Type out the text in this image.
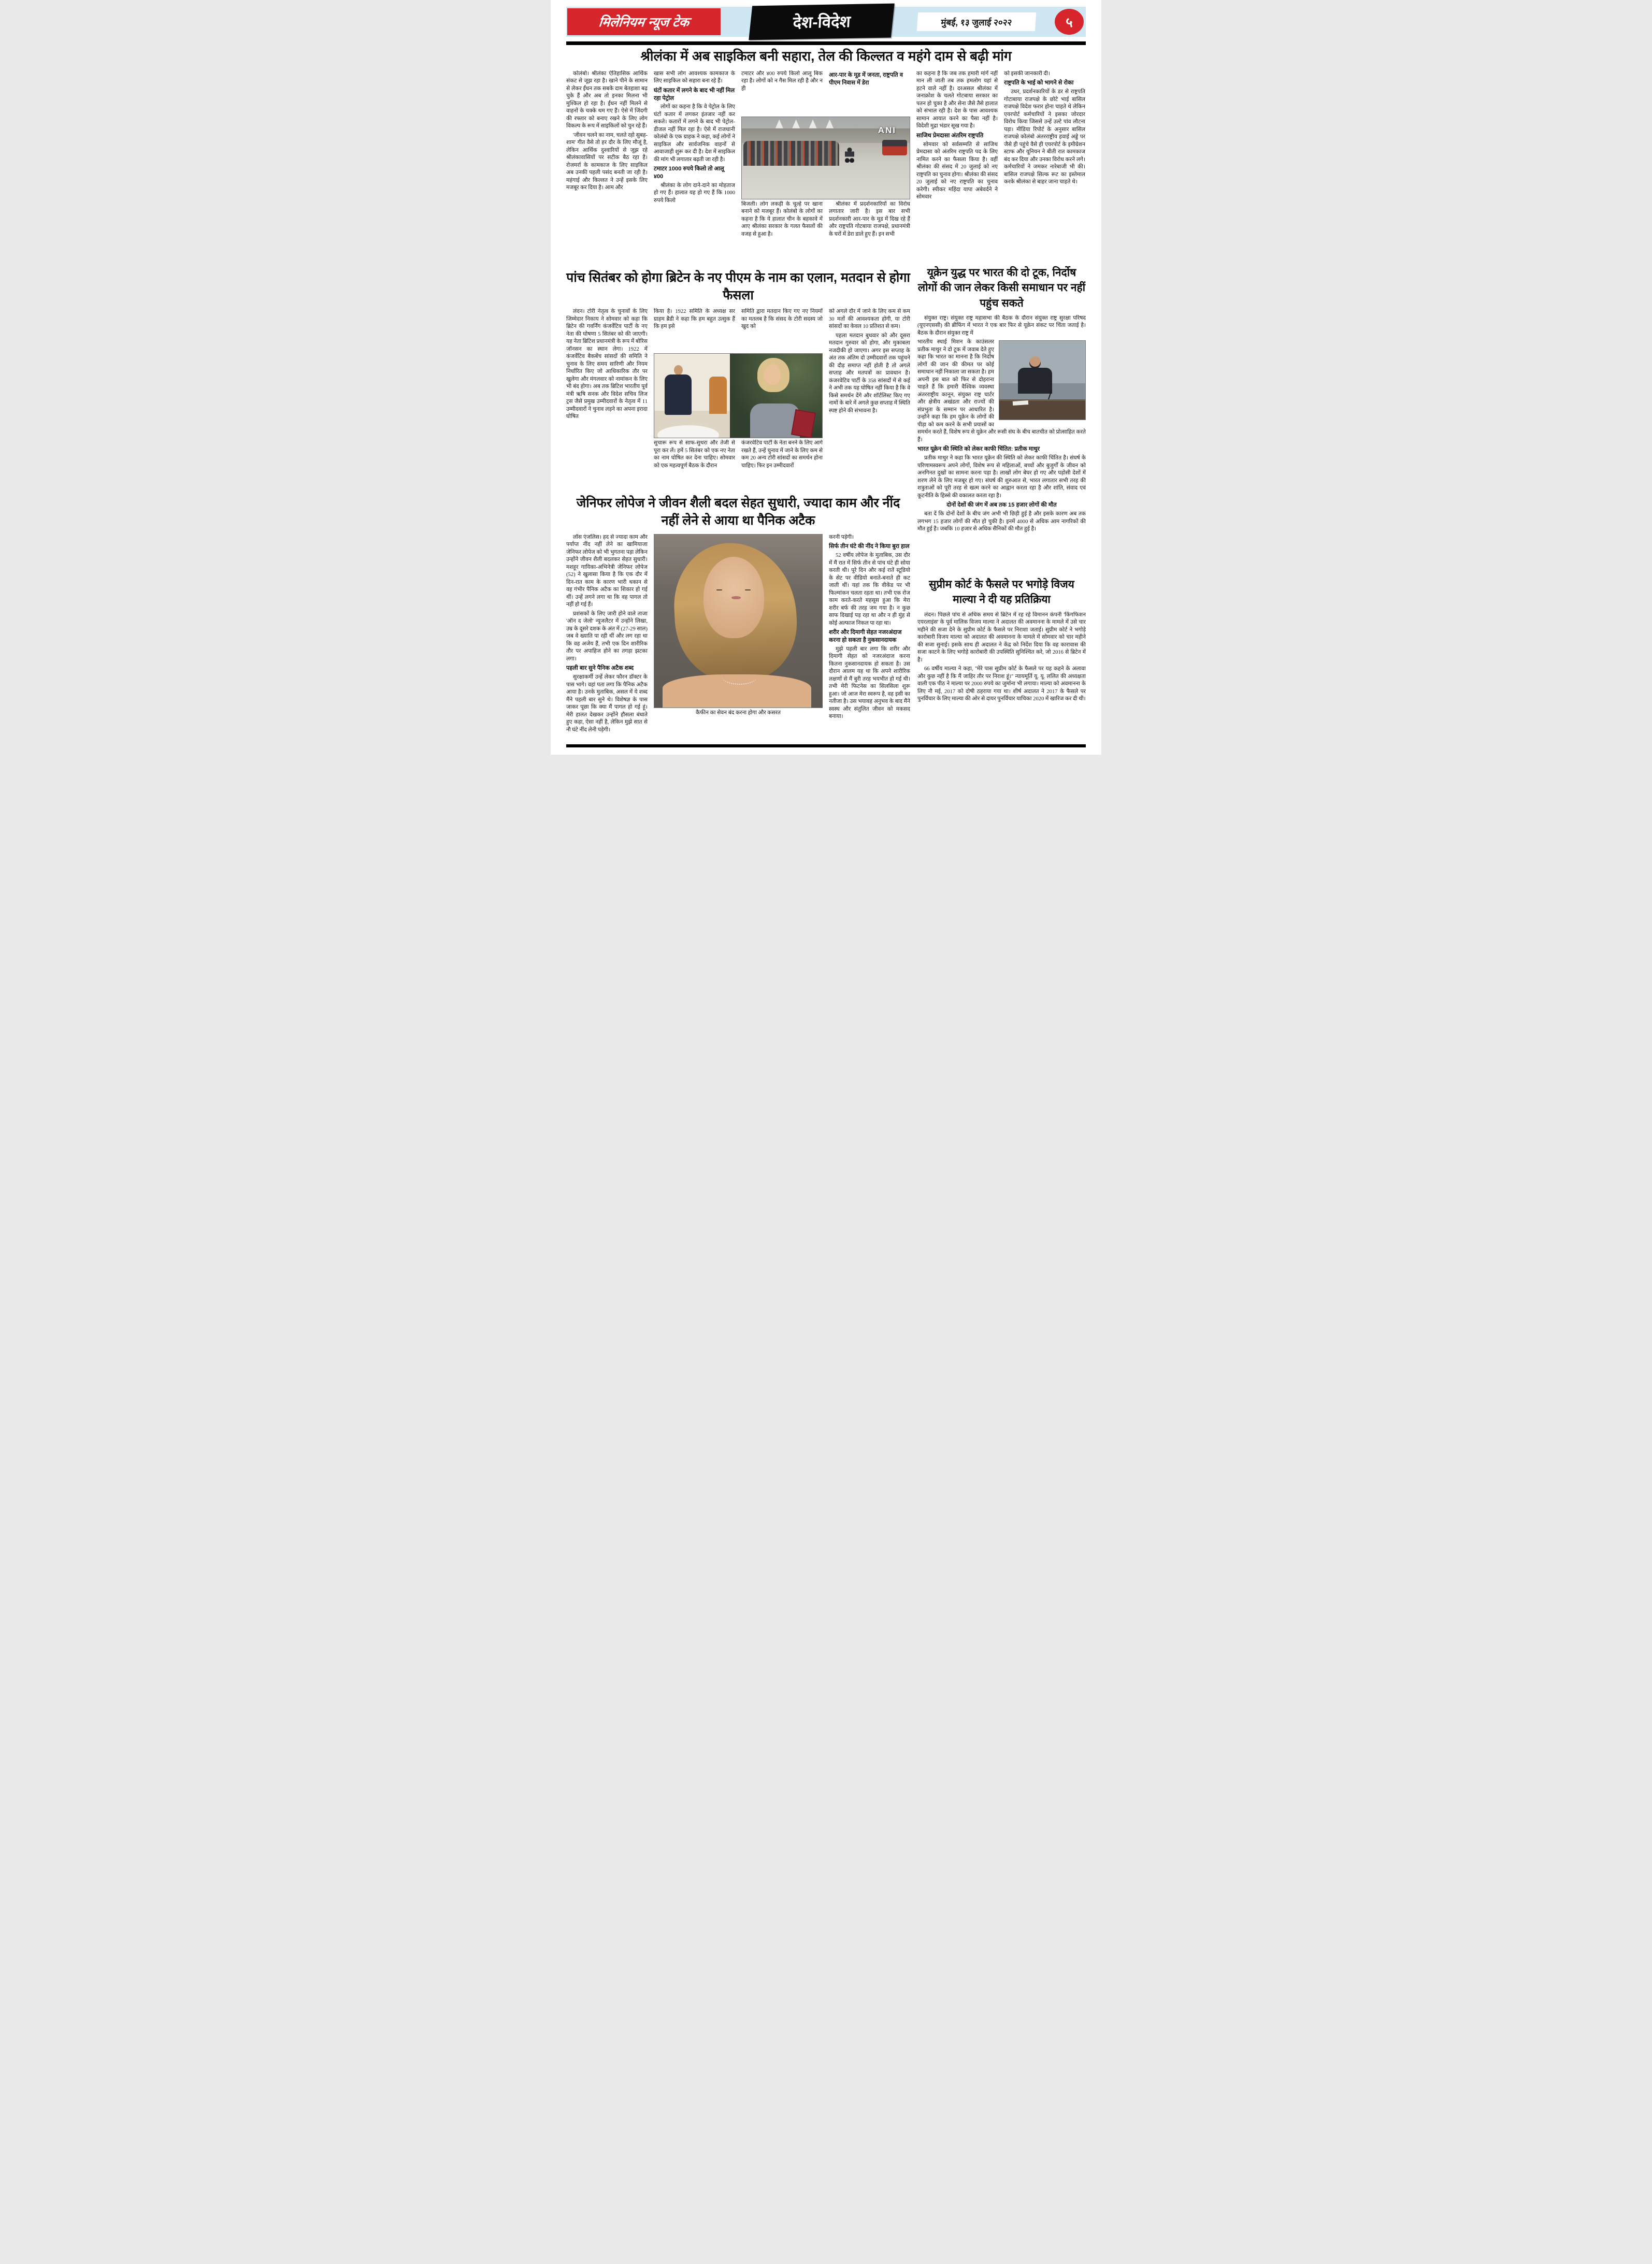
मिलेनियम न्यूज टेक	देश-विदेश	मुंबई, १३ जुलाई २०२२	५
श्रीलंका में अब साइकिल बनी सहारा, तेल की किल्लत व महंगे दाम से बढ़ी मांग

कोलंबो। श्रीलंका ऐतिहासिक आर्थिक संकट से जूझ रहा है। खाने पीने के सामान से लेकर ईंधन तक सबके दाम बेतहाशा बढ़ चुके हैं और अब तो इनका मिलना भी मुश्किल हो रहा है। ईंधन नहीं मिलने से वाहनों के चक्के थम गए हैं। ऐसे में जिंदगी की रफ्तार को बनाए रखने के लिए लोग विकल्प के रूप में साइकिलों को चुन रहे हैं।

'जीवन चलने का नाम, चलते रहो सुबह-शाम' गीत वैसे तो हर दौर के लिए मौजूं है, लेकिन आर्थिक दुश्वारियों से जूझ रहे श्रीलंकावासियों पर सटीक बैठ रहा है। रोजमर्रा के कामकाज के लिए साइकिल अब उनकी पहली पसंद बनती जा रही है। महंगाई और किल्लत ने उन्हें इसके लिए मजबूर कर दिया है। आम और

खास सभी लोग आवश्यक कामकाज के लिए साइकिल को सहारा बना रहे हैं।

घंटों कतार में लगने के बाद भी नहीं मिल रहा पेट्रोल

लोगों का कहना है कि वे पेट्रोल के लिए घंटों कतार में लगकर इंतजार नहीं कर सकते। कतारों में लगने के बाद भी पेट्रोल-डीजल नहीं मिल रहा है। ऐसे में राजधानी कोलंबो के एक ग्राहक ने कहा, कई लोगों ने साइकिल और सार्वजनिक वाहनों से आवाजाही शुरू कर दी है। देश में साइकिल की मांग भी लगातार बढ़ती जा रही है।

टमाटर 1000 रुपये किलो तो आलू ४00

श्रीलंका के लोग दाने-दाने का मोहताज हो गए हैं। हालात यह हो गए हैं कि 1000 रुपये किलो

टमाटर और ४00 रुपये किलो आलू बिक रहा है। लोगों को न गैस मिल रही है और न ही

आर-पार के मूड में जनता, राष्ट्रपति व पीएम निवास में डेरा
ANI

बिजली। लोग लकड़ी के चूल्हे पर खाना बनाने को मजबूर हैं। कोलंबो के लोगों का कहना है कि ये हालात चीन के बहकावे में आए श्रीलंका सरकार के गलत फैसलों की वजह से हुआ है।

श्रीलंका में प्रदर्शनकारियों का विरोध लगातार जारी है। इस बार सभी प्रदर्शनकारी आर-पार के मूड में दिख रहे हैं और राष्ट्रपति गोटबाया राजपक्षे, प्रधानमंत्री के घरों में डेरा डाले हुए हैं। इन सभी

का कहना है कि जब तक हमारी मांगें नहीं मान ली जाती तब तक हमलोग यहां से हटने वाले नहीं है। दरअसल श्रीलंका में जनाक्रोश के चलते गोटबाया सरकार का पतन हो चुका है और सेना जैसे तैसे हालात को संभाल रही है। देश के पास आवश्यक सामान आयात करने का पैसा नहीं है। विदेशी मुद्रा भंडार सूख गया है।

साजिथ प्रेमदासा अंतरिम राष्ट्रपति

सोमवार को सर्वसम्मति से साजिथ प्रेमदासा को अंतरिम राष्ट्रपति पद के लिए नामित करने का फैसला किया है। वहीं श्रीलंका की संसद में 20 जुलाई को नए राष्ट्रपति का चुनाव होगा। श्रीलंका की संसद 20 जुलाई को नए राष्ट्रपति का चुनाव करेगी। स्पीकर महिंदा यापा अबेवर्दने ने सोमवार

को इसकी जानकारी दी।

राष्ट्रपति के भाई को भागने से रोका

उधर, प्रदर्शनकारियों के डर से राष्ट्रपति गोटाबाया राजपक्षे के छोटे भाई बासिल राजपक्षे विदेश फरार होना चाहते थे लेकिन एयरपोर्ट कर्मचारियों ने इसका जोरदार विरोध किया जिससे उन्हें उल्टे पांव लौटना पड़ा। मीडिया रिपोर्ट के अनुसार बासिल राजपक्षे कोलंबो अंतरराष्ट्रीय हवाई अड्डे पर जैसे ही पहुंचे वैसे ही एयरपोर्ट के इमीग्रेशन स्टाफ और यूनियन ने बीती रात कामकाज बंद कर दिया और उनका विरोध करने लगे। कर्मचारियों ने जमकर नारेबाजी भी की। बासिल राजपक्षे सिल्क रूट का इस्तेमाल करके श्रीलंका से बाहर जाना चाहते थे।

पांच सितंबर को होगा ब्रिटेन के नए पीएम के नाम का एलान, मतदान से होगा फैसला

लंदन। टोरी नेतृत्व के चुनावों के लिए जिम्मेदार निकाय ने सोमवार को कहा कि ब्रिटेन की गवर्निंग कंजर्वेटिव पार्टी के नए नेता की घोषणा 5 सितंबर को की जाएगी। यह नेता ब्रिटिश प्रधानमंत्री के रूप में बोरिस जॉनसन का स्थान लेगा। 1922 में कंजर्वेटिव बैकबेंच सांसदों की समिति ने चुनाव के लिए समय सारिणी और नियम निर्धारित किए जो आधिकारिक तौर पर खुलेगा और मंगलवार को नामांकन के लिए भी बंद होगा। अब तक ब्रिटिश भारतीय पूर्व मंत्री ऋषि सनक और विदेश सचिव लिज ट्रस जैसे प्रमुख उम्मीदवारों के नेतृत्व में 11 उम्मीदवारों ने चुनाव लड़ने का अपना इरादा घोषित

किया है। 1922 समिति के अध्यक्ष सर ग्राहम ब्रैडी ने कहा कि हम बहुत उत्सुक हैं कि हम इसे

समिति द्वारा मतदान किए गए नए नियमों का मतलब है कि संसद के टोरी सदस्य जो खुद को

सुचारू रूप से साफ-सुथरा और तेजी से पूरा कर लें। हमें 5 सितंबर को एक नए नेता का नाम घोषित कर देना चाहिए। सोमवार को एक महत्वपूर्ण बैठक के दौरान

कंजरवेटिव पार्टी के नेता बनने के लिए आगे रखते हैं, उन्हें चुनाव में जाने के लिए कम से कम 20 अन्य टोरी सांसदों का समर्थन होना चाहिए। फिर इन उम्मीदवारों

को अगले दौर में जाने के लिए कम से कम 30 मतों की आवश्यकता होगी, या टोरी सांसदों का केवल 10 प्रतिशत से कम।

पहला मतदान बुधवार को और दूसरा मतदान गुरुवार को होगा, और मुकाबला नजदीकी हो जाएगा। अगर इस सप्ताह के अंत तक अंतिम दो उम्मीदवारों तक पहुंचने की दौड़ समाप्त नहीं होती है तो अगले सप्ताह और मतपत्रों का प्रावधान है। कंजरवेटिव पार्टी के 358 सांसदों में से कई ने अभी तक यह घोषित नहीं किया है कि वे किसे समर्थन देंगे और शॉर्टलिस्ट किए गए नामों के बारे में अगले कुछ सप्ताह में स्थिति स्पष्ट होने की संभावना है।

जेनिफर लोपेज ने जीवन शैली बदल सेहत सुधारी, ज्यादा काम और नींद नहीं लेने से आया था पैनिक अटैक

लॉस एंजलिस। हद से ज्यादा काम और पर्याप्त नींद नहीं लेने का खामियाजा जेनिफर लोपेज को भी भुगतना पड़ा लेकिन उन्होंने जीवन शैली बदलकर सेहत सुधारी। मशहूर गायिका-अभिनेत्री जेनिफर लोपेज (52) ने खुलासा किया है कि एक दौर में दिन-रात काम के कारण भारी थकान से वह गंभीर पैनिक अटैक का शिकार हो गई थीं। उन्हें लगने लगा था कि वह पागल तो नहीं हो गई हैं।

प्रशंसकों के लिए जारी होने वाले ताजा 'ऑन द जेलो' न्यूजलैटर में उन्होंने लिखा, उम्र के दूसरे दशक के अंत में (27-29 साल) जब वे ख्याति पा रही थीं और लग रहा था कि वह अजेय हैं, तभी एक दिन शारीरिक तौर पर अपाहिज होने का तगड़ा झटका लगा।

पहली बार सुने पैनिक अटैक शब्द

सुरक्षाकर्मी उन्हें लेकर फौरन डॉक्टर के पास भागे। वहां पता लगा कि पैनिक अटैक आया है। उनके मुताबिक, असल में ये शब्द मैंने पहली बार सुने थे। विशेषज्ञ के पास जाकर पूछा कि क्या मैं पागल हो गई हूं। मेरी हालत देखकर उन्होंने हौसला बंधाते हुए कहा, ऐसा नहीं है, लेकिन मुझे सात से नौ घंटे नींद लेनी पड़ेगी।

कैफीन का सेवन बंद करना होगा और कसरत

करनी पड़ेगी।

सिर्फ तीन घंटे की नींद ने किया बुरा हाल

52 वर्षीय लोपेज के मुताबिक, उस दौर में मैं रात में सिर्फ तीन से पांच घंटे ही सोया करती थी। पूरे दिन और कई रातें स्टूडियो के सेट पर वीडियो बनाते-बनाते ही कट जाती थीं। यहां तक कि वीकेंड पर भी फिल्मांकन चलता रहता था। तभी एक रोज काम करते-करते महसूस हुआ कि मेरा शरीर बर्फ की तरह जम गया है। न कुछ साफ दिखाई पड़ रहा था और न ही मुंह से कोई अल्फाज निकल पा रहा था।

शरीर और दिमागी सेहत नजरअंदाज करना हो सकता है नुकसानदायक

मुझे पहली बार लगा कि शरीर और दिमागी सेहत को नजरअंदाज करना कितना नुकसानदायक हो सकता है। उस दौरान आलम यह था कि अपने शारीरिक लक्षणों से मैं बुरी तरह भयभीत हो गई थी। तभी मेरी फिटनेस का सिलसिला शुरू हुआ। जो आज मेरा स्वरूप है, वह इसी का नतीजा है। उस भयावह अनुभव के बाद मैंने स्वस्थ और संतुलित जीवन को मकसद बनाया।

यूक्रेन युद्ध पर भारत की दो टूक, निर्दोष लोगों की जान लेकर किसी समाधान पर नहीं पहुंच सकते

संयुक्त राष्ट्र। संयुक्त राष्ट्र महासभा की बैठक के दौरान संयुक्त राष्ट्र सुरक्षा परिषद (यूएनएससी) की ब्रीफिंग में भारत ने एक बार फिर से यूक्रेन संकट पर चिंता जताई है। बैठक के दौरान संयुक्त राष्ट्र में

भारतीय स्थाई मिशन के काउंसलर प्रतीक माथुर ने दो टूक में जवाब देते हुए कहा कि भारत का मानना है कि निर्दोष लोगों की जान की कीमत पर कोई समाधान नहीं निकाला जा सकता है। हम अपनी इस बात को फिर से दोहराना चाहते हैं कि हमारी वैश्विक व्यवस्था अंतरराष्ट्रीय कानून, संयुक्त राष्ट्र चार्टर और क्षेत्रीय अखंडता और राज्यों की संप्रभुता के सम्मान पर आधारित है। उन्होंने कहा कि हम यूक्रेन के लोगों की पीड़ा को कम करने के सभी प्रयासों का समर्थन करते हैं, विशेष रूप से यूक्रेन और रूसी संघ के बीच बातचीत को प्रोत्साहित करते हैं।

भारत यूक्रेन की स्थिति को लेकर काफी चिंतित: प्रतीक माथुर

प्रतीक माथुर ने कहा कि भारत यूक्रेन की स्थिति को लेकर काफी चिंतित है। संघर्ष के परिणामस्वरूप अपने लोगों, विशेष रूप से महिलाओं, बच्चों और बुजुर्गों के जीवन को अनगिनत दुखों का सामना करना पड़ा है। लाखों लोग बेघर हो गए और पड़ोसी देशों में शरण लेने के लिए मजबूर हो गए। संघर्ष की शुरुआत से, भारत लगातार सभी तरह की शत्रुताओं को पूरी तरह से खत्म करने का आह्वान करता रहा है और शांति, संवाद एवं कूटनीति के हिस्से की वकालत करता रहा है।

दोनों देशों की जंग में अब तक 15 हजार लोगों की मौत

बता दें कि दोनों देशों के बीच जंग अभी भी छिड़ी हुई है और इसके कारण अब तक लगभग 15 हजार लोगों की मौत हो चुकी है। इनमें 4000 से अधिक आम नागरिकों की मौत हुई है। जबकि 10 हजार से अधिक सैनिकों की मौत हुई है।

सुप्रीम कोर्ट के फैसले पर भगोड़े विजय माल्या ने दी यह प्रतिक्रिया

लंदन। पिछले पांच से अधिक समय से ब्रिटेन में रह रहे विमानन कंपनी 'किंगफिशन एयरलाइंस' के पूर्व मालिक विजय माल्या ने अदालत की अवमानना के मामले में उसे चार महीने की सजा देने के सुप्रीम कोर्ट के फैसले पर निराशा जताई। सुप्रीम कोर्ट ने भगोड़े कारोबारी विजय माल्या को अदालत की अवमानना के मामले में सोमवार को चार महीने की सजा सुनाई। इसके साथ ही अदालत ने केंद्र को निर्देश दिया कि वह कारावास की सजा काटने के लिए भगोड़े कारोबारी की उपस्थिति सुनिश्चित करे, जो 2016 से ब्रिटेन में है।

66 वर्षीय माल्या ने कहा, ''मेरे पास सुप्रीम कोर्ट के फैसले पर यह कहने के अलावा और कुछ नहीं है कि मैं जाहिर तौर पर निराश हूं।'' न्यायमूर्ति यू. यू. ललित की अध्यक्षता वाली एक पीठ ने माल्या पर 2000 रुपये का जुर्माना भी लगाया। माल्या को अवमानना के लिए नौ मई, 2017 को दोषी ठहराया गया था। शीर्ष अदालत ने 2017 के फैसले पर पुनर्विचार के लिए माल्या की ओर से दायर पुनर्विचार याचिका 2020 में खारिज कर दी थी।
